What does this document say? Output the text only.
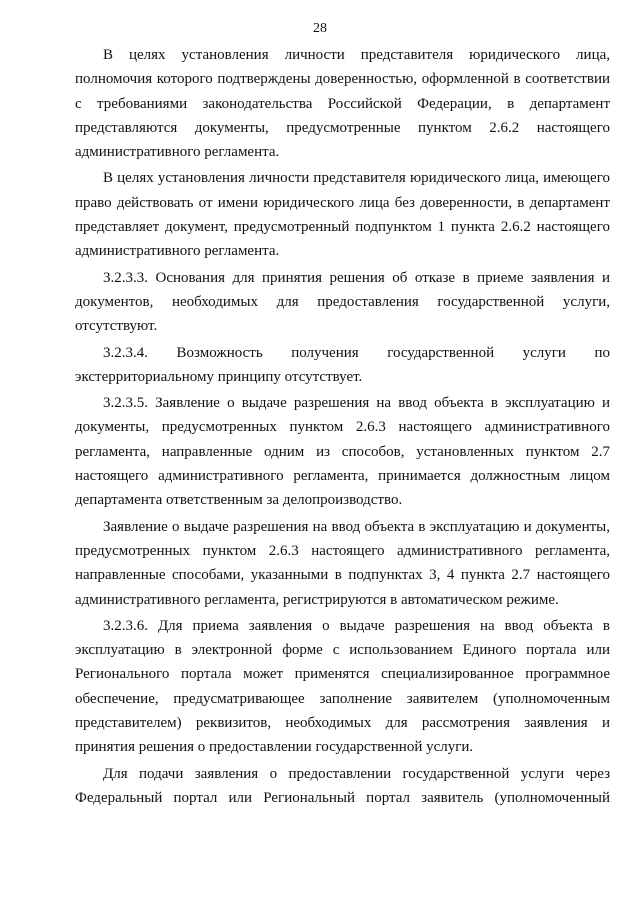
28

В целях установления личности представителя юридического лица, полномочия которого подтверждены доверенностью, оформленной в соответствии с требованиями законодательства Российской Федерации, в департамент представляются документы, предусмотренные пунктом 2.6.2 настоящего административного регламента.

В целях установления личности представителя юридического лица, имеющего право действовать от имени юридического лица без доверенности, в департамент представляет документ, предусмотренный подпунктом 1 пункта 2.6.2 настоящего административного регламента.

3.2.3.3. Основания для принятия решения об отказе в приеме заявления и документов, необходимых для предоставления государственной услуги, отсутствуют.

3.2.3.4. Возможность получения государственной услуги по экстерриториальному принципу отсутствует.

3.2.3.5. Заявление о выдаче разрешения на ввод объекта в эксплуатацию и документы, предусмотренных пунктом 2.6.3 настоящего административного регламента, направленные одним из способов, установленных пунктом 2.7 настоящего административного регламента, принимается должностным лицом департамента ответственным за делопроизводство.

Заявление о выдаче разрешения на ввод объекта в эксплуатацию и документы, предусмотренных пунктом 2.6.3 настоящего административного регламента, направленные способами, указанными в подпунктах 3, 4 пункта 2.7 настоящего административного регламента, регистрируются в автоматическом режиме.

3.2.3.6. Для приема заявления о выдаче разрешения на ввод объекта в эксплуатацию в электронной форме с использованием Единого портала или Регионального портала может применятся специализированное программное обеспечение, предусматривающее заполнение заявителем (уполномоченным представителем) реквизитов, необходимых для рассмотрения заявления и принятия решения о предоставлении государственной услуги.

Для подачи заявления о предоставлении государственной услуги через Федеральный портал или Региональный портал заявитель (уполномоченный
